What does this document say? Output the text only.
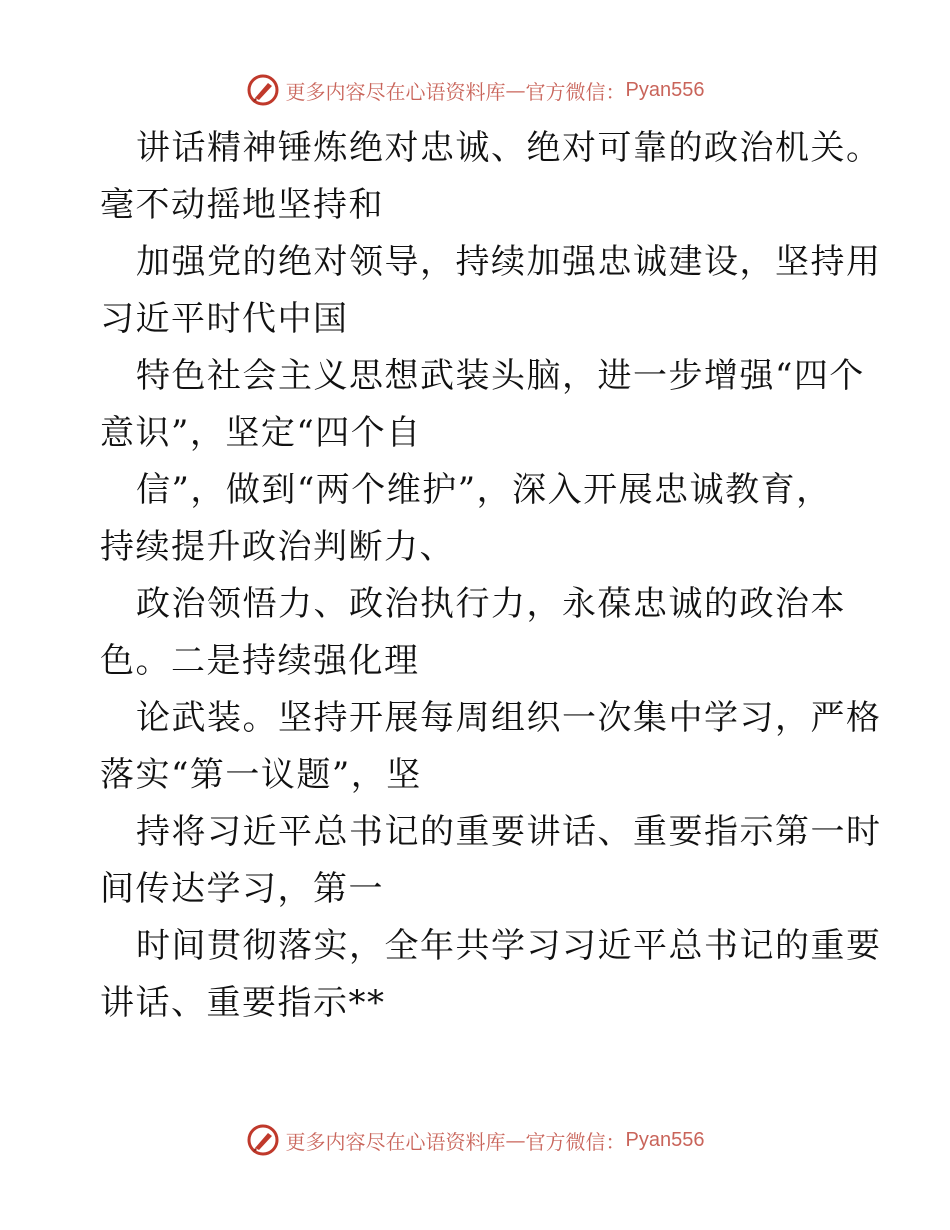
更多内容尽在心语资料库 — 官方微信： Pyan556
讲话精神锤炼绝对忠诚、绝对可靠的政治机关。
毫不动摇地坚持和
加强党的绝对领导，持续加强忠诚建设，坚持用
习近平时代中国
特色社会主义思想武装头脑，进一步增强“四个
意识”，坚定“四个自
信”，做到“两个维护”，深入开展忠诚教育，
持续提升政治判断力、
政治领悟力、政治执行力，永葆忠诚的政治本
色。二是持续强化理
论武装。坚持开展每周组织一次集中学习，严格
落实“第一议题”，坚
持将习近平总书记的重要讲话、重要指示第一时
间传达学习，第一
时间贯彻落实，全年共学习习近平总书记的重要
讲话、重要指示**
更多内容尽在心语资料库 — 官方微信： Pyan556
